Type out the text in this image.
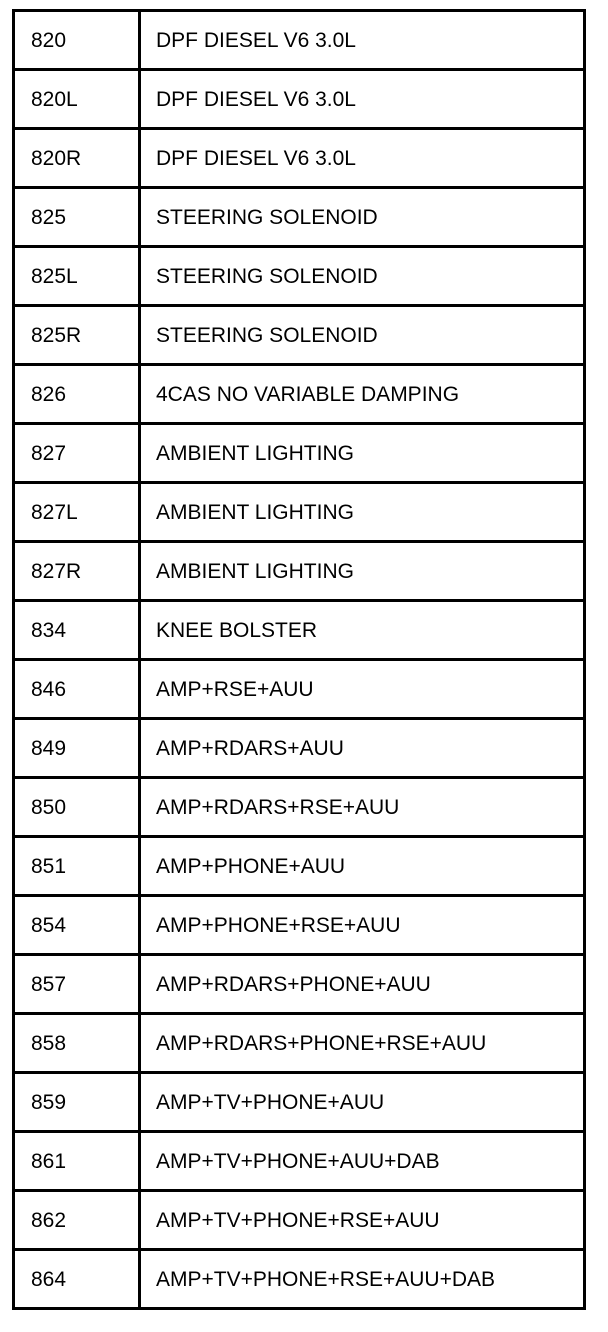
820	DPF DIESEL V6 3.0L
820L	DPF DIESEL V6 3.0L
820R	DPF DIESEL V6 3.0L
825	STEERING SOLENOID
825L	STEERING SOLENOID
825R	STEERING SOLENOID
826	4CAS NO VARIABLE DAMPING
827	AMBIENT LIGHTING
827L	AMBIENT LIGHTING
827R	AMBIENT LIGHTING
834	KNEE BOLSTER
846	AMP+RSE+AUU
849	AMP+RDARS+AUU
850	AMP+RDARS+RSE+AUU
851	AMP+PHONE+AUU
854	AMP+PHONE+RSE+AUU
857	AMP+RDARS+PHONE+AUU
858	AMP+RDARS+PHONE+RSE+AUU
859	AMP+TV+PHONE+AUU
861	AMP+TV+PHONE+AUU+DAB
862	AMP+TV+PHONE+RSE+AUU
864	AMP+TV+PHONE+RSE+AUU+DAB
